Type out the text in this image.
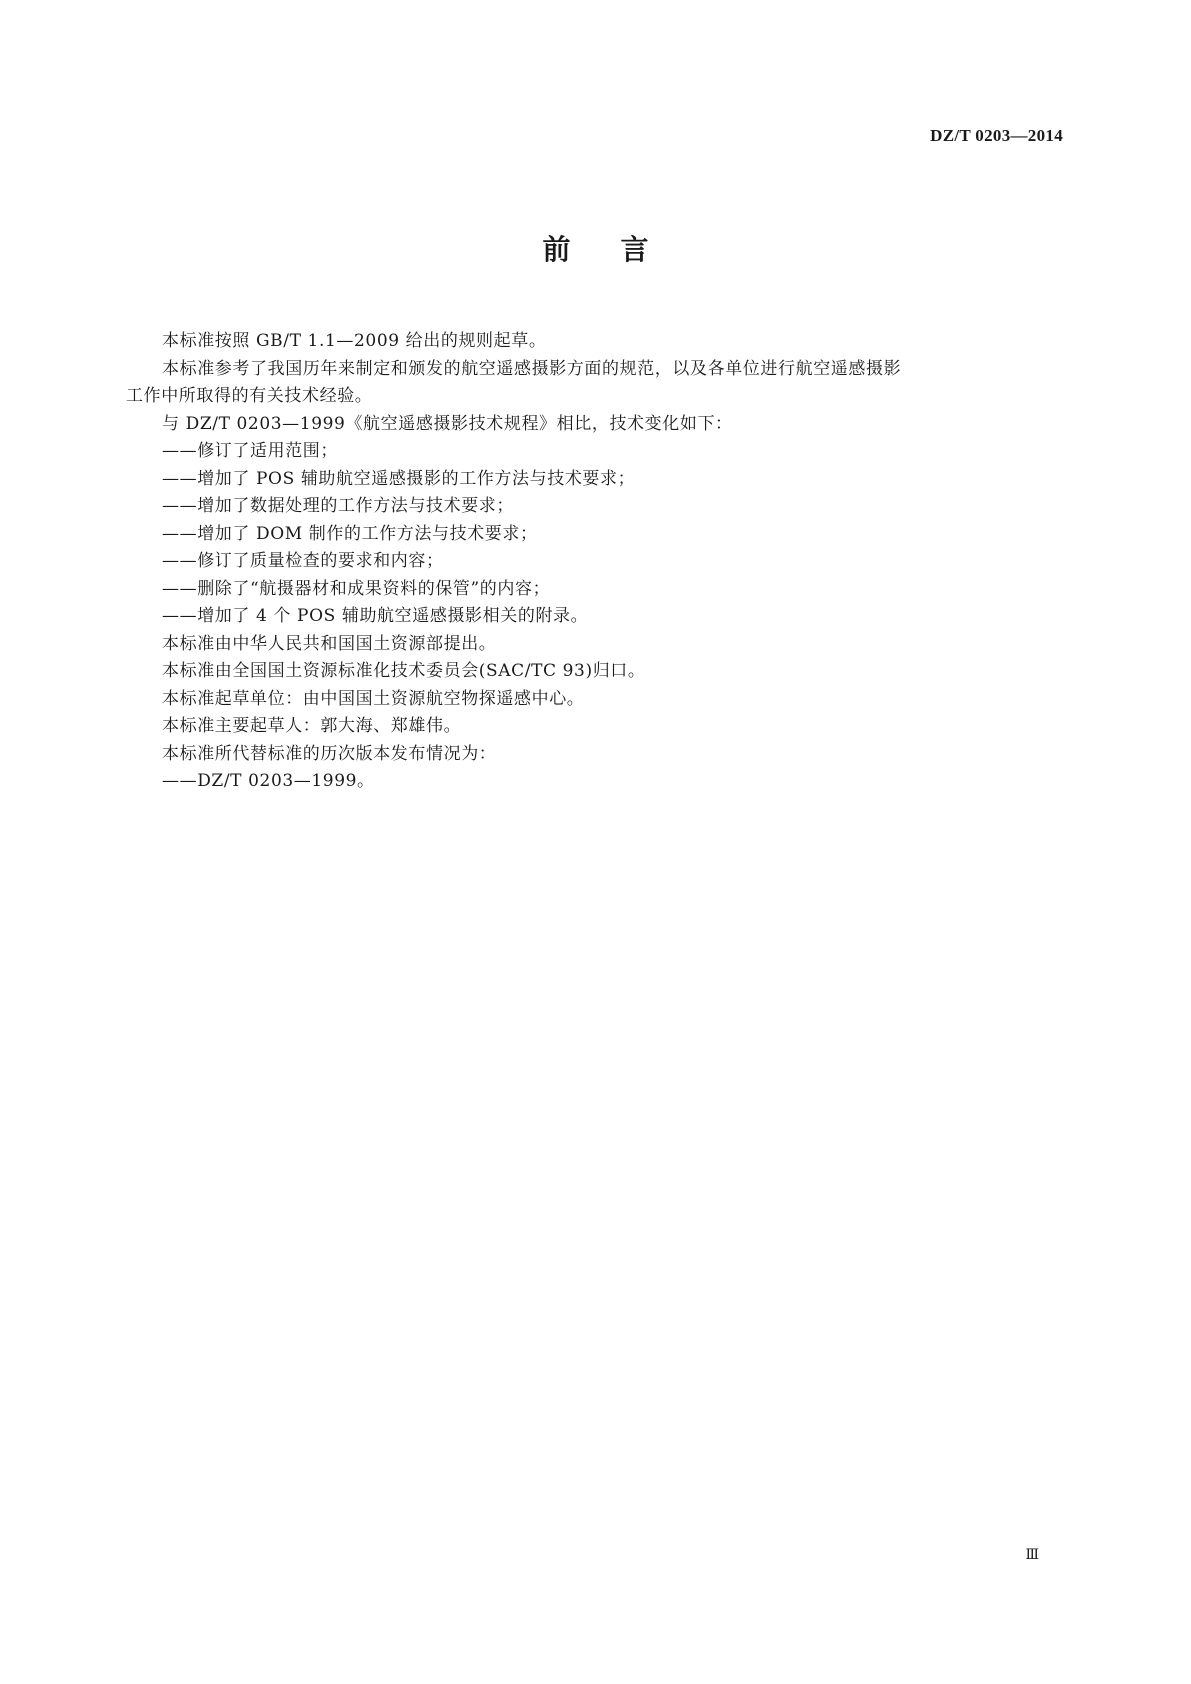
DZ/T 0203—2014
前言
本标准按照 GB/T 1.1—2009 给出的规则起草。
本标准参考了我国历年来制定和颁发的航空遥感摄影方面的规范，以及各单位进行航空遥感摄影
工作中所取得的有关技术经验。
与 DZ/T 0203—1999《航空遥感摄影技术规程》相比，技术变化如下：
——修订了适用范围；
——增加了 POS 辅助航空遥感摄影的工作方法与技术要求；
——增加了数据处理的工作方法与技术要求；
——增加了 DOM 制作的工作方法与技术要求；
——修订了质量检查的要求和内容；
——删除了“航摄器材和成果资料的保管”的内容；
——增加了 4 个 POS 辅助航空遥感摄影相关的附录。
本标准由中华人民共和国国土资源部提出。
本标准由全国国土资源标准化技术委员会(SAC/TC 93)归口。
本标准起草单位：由中国国土资源航空物探遥感中心。
本标准主要起草人：郭大海、郑雄伟。
本标准所代替标准的历次版本发布情况为：
——DZ/T 0203—1999。
Ⅲ
